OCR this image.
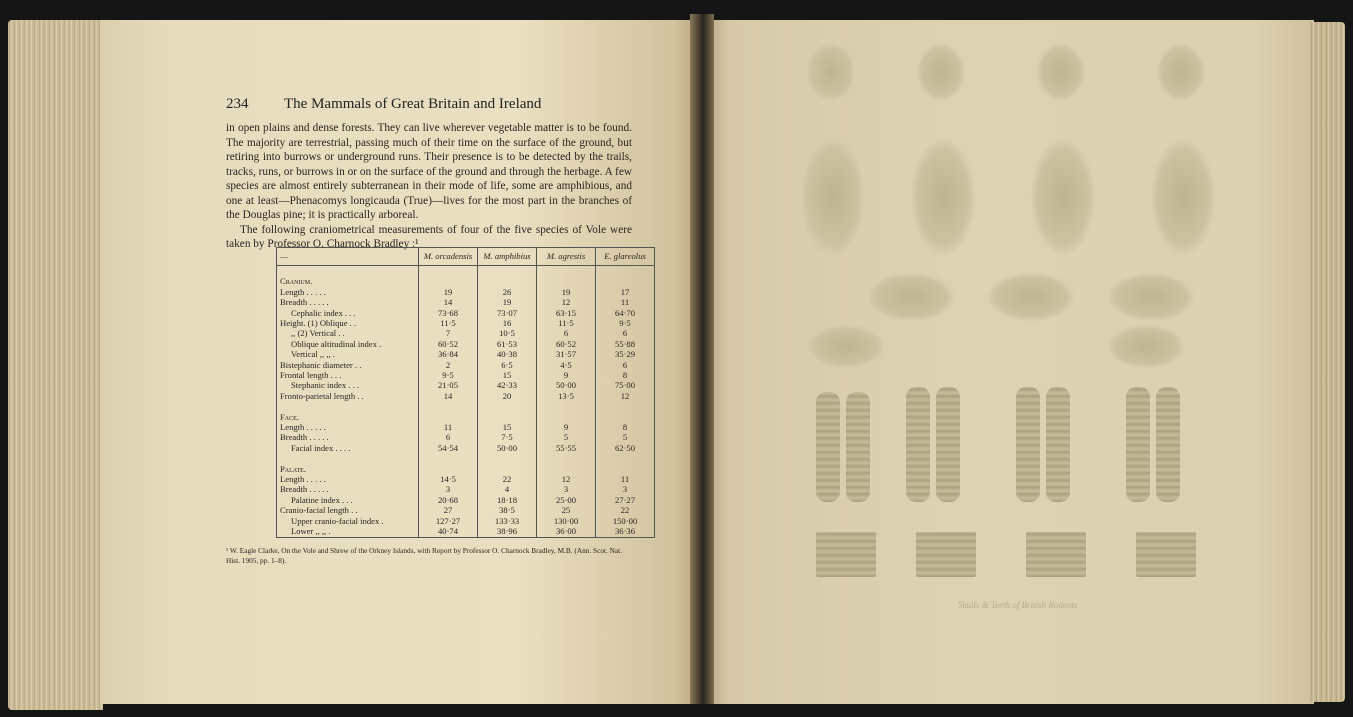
234 The Mammals of Great Britain and Ireland

in open plains and dense forests. They can live wherever vegetable matter is to be found. The majority are terrestrial, passing much of their time on the surface of the ground, but retiring into burrows or underground runs. Their presence is to be detected by the trails, tracks, runs, or burrows in or on the surface of the ground and through the herbage. A few species are almost entirely subterranean in their mode of life, some are amphibious, and one at least—Phenacomys longicauda (True)—lives for the most part in the branches of the Douglas pine; it is practically arboreal.

The following craniometrical measurements of four of the five species of Vole were taken by Professor O. Charnock Bradley :¹

—	M. orcadensis	M. amphibius	M. agrestis	E. glareolus

Cranium.				
Length . . . . .	19	26	19	17
Breadth . . . . .	14	19	12	11
Cephalic index . . .	73·68	73·07	63·15	64·70
Height. (1) Oblique . .	11·5	16	11·5	9·5
,, (2) Vertical . .	7	10·5	6	6
Oblique altitudinal index .	60·52	61·53	60·52	55·88
Vertical ,, ,, .	36·84	40·38	31·57	35·29
Bistephanic diameter . .	2	6·5	4·5	6
Frontal length . . .	9·5	15	9	8
Stephanic index . . .	21·05	42·33	50·00	75·00
Fronto-parietal length . .	14	20	13·5	12

Face.				
Length . . . . .	11	15	9	8
Breadth . . . . .	6	7·5	5	5
Facial index . . . .	54·54	50·00	55·55	62·50

Palate.				
Length . . . . .	14·5	22	12	11
Breadth . . . . .	3	4	3	3
Palatine index . . .	20·68	18·18	25·00	27·27
Cranio-facial length . .	27	38·5	25	22
Upper cranio-facial index .	127·27	133·33	130·00	150·00
Lower ,, ,, .	40·74	38·96	36·00	36·36
¹ W. Eagle Clarke, On the Vole and Shrew of the Orkney Islands, with Report by Professor O. Charnock Bradley, M.B. (Ann. Scot. Nat. Hist. 1905, pp. 1–8).
Skulls & Teeth of British Rodents
